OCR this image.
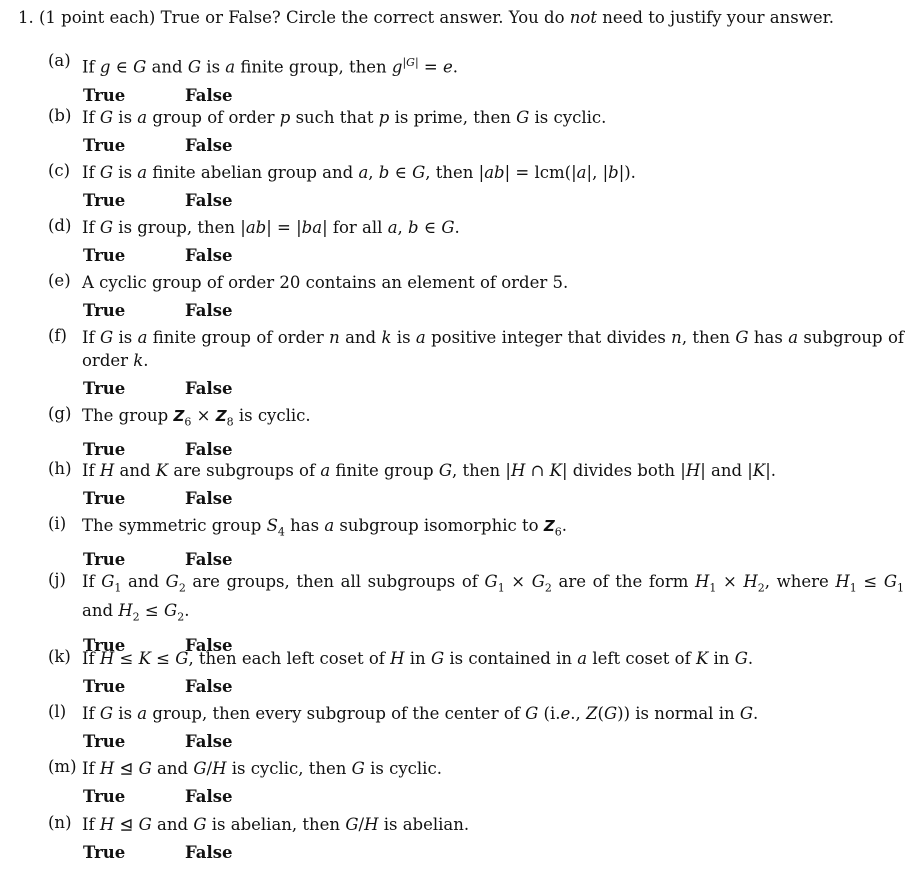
1. (1 point each) True or False? Circle the correct answer. You do not need to justify your answer.
(a) If g ∈ G and G is a finite group, then $g^{|G|} = e$.
True	False
(b) If G is a group of order p such that p is prime, then G is cyclic.
True	False
(c) If G is a finite abelian group and a, b ∈ G, then |ab| = lcm(|a|, |b|).
True	False
(d) If G is group, then |ab| = |ba| for all a, b ∈ G.
True	False
(e) A cyclic group of order 20 contains an element of order 5.
True	False
(f) If G is a finite group of order n and k is a positive integer that divides n, then G has a subgroup of order k.
True	False
(g) The group $Z_6 \times Z_8$ is cyclic.
True	False
(h) If H and K are subgroups of a finite group G, then |H ∩ K| divides both |H| and |K|.
True	False
(i) The symmetric group $S_4$ has a subgroup isomorphic to $Z_6$.
True	False
(j) If $G_1$ and $G_2$ are groups, then all subgroups of $G_1 \times G_2$ are of the form $H_1 \times H_2$, where $H_1 \le G_1$ and $H_2 \le G_2$.
True	False
(k) If H ≤ K ≤ G, then each left coset of H in G is contained in a left coset of K in G.
True	False
(l) If G is a group, then every subgroup of the center of G (i.e., Z(G)) is normal in G.
True	False
(m) If H ⊴ G and G/H is cyclic, then G is cyclic.
True	False
(n) If H ⊴ G and G is abelian, then G/H is abelian.
True	False
